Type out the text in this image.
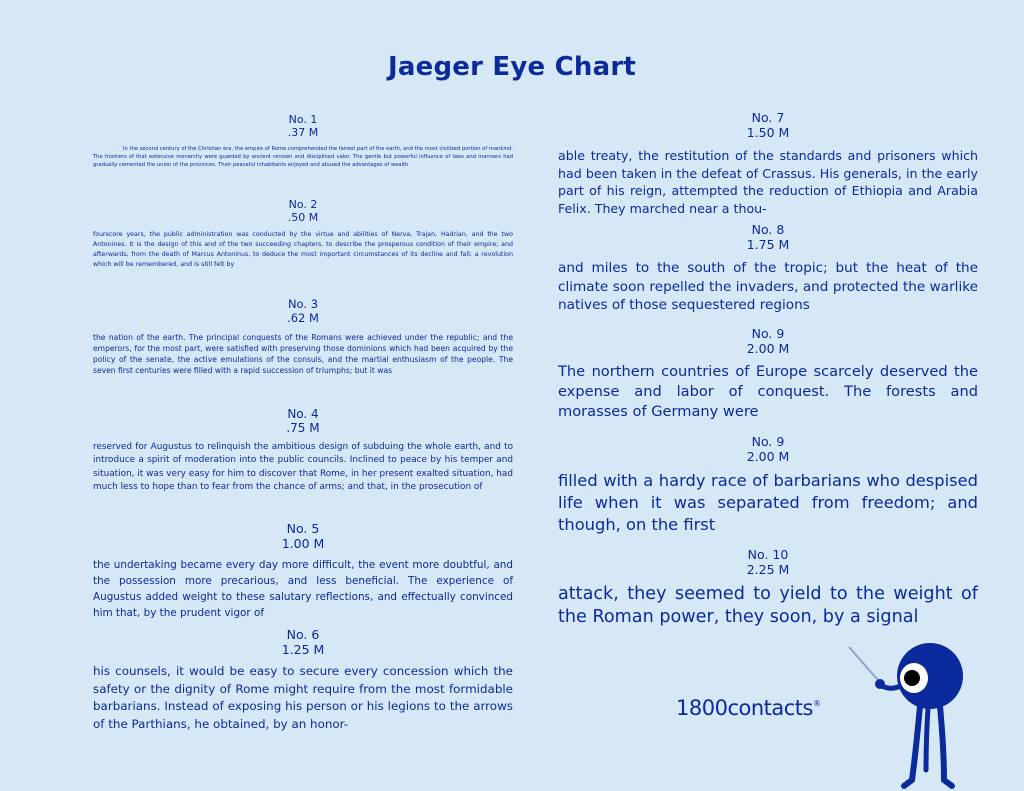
Jaeger Eye Chart
No. 1
.37 M

In the second century of the Christian era, the empire of Rome comprehended the fairest part of the earth, and the most civilized portion of mankind. The frontiers of that extensive monarchy were guarded by ancient renown and disciplined valor. The gentle but powerful influence of laws and manners had gradually cemented the union of the provinces. Their peaceful inhabitants enjoyed and abused the advantages of wealth

No. 2
.50 M

fourscore years, the public administration was conducted by the virtue and abilities of Nerva, Trajan, Hadrian, and the two Antonines. It is the design of this and of the two succeeding chapters, to describe the prosperous condition of their empire; and afterwards, from the death of Marcus Antoninus, to deduce the most important circumstances of its decline and fall; a revolution which will be remembered, and is still felt by

No. 3
.62 M

the nation of the earth. The principal conquests of the Romans were achieved under the republic; and the emperors, for the most part, were satisfied with preserving those dominions which had been acquired by the policy of the senate, the active emulations of the consuls, and the martial enthusiasm of the people. The seven first centuries were filled with a rapid succession of triumphs; but it was

No. 4
.75 M

reserved for Augustus to relinquish the ambitious design of subduing the whole earth, and to introduce a spirit of moderation into the public councils. Inclined to peace by his temper and situation, it was very easy for him to discover that Rome, in her present exalted situation, had much less to hope than to fear from the chance of arms; and that, in the prosecution of

No. 5
1.00 M

the undertaking became every day more difficult, the event more doubtful, and the possession more precarious, and less beneficial. The experience of Augustus added weight to these salutary reflections, and effectually convinced him that, by the prudent vigor of

No. 6
1.25 M

his counsels, it would be easy to secure every concession which the safety or the dignity of Rome might require from the most formidable barbarians. Instead of exposing his person or his legions to the arrows of the Parthians, he obtained, by an honor-

No. 7
1.50 M

able treaty, the restitution of the standards and prisoners which had been taken in the defeat of Crassus. His generals, in the early part of his reign, attempted the reduction of Ethiopia and Arabia Felix. They marched near a thou-

No. 8
1.75 M

and miles to the south of the tropic; but the heat of the climate soon repelled the invaders, and protected the warlike natives of those sequestered regions

No. 9
2.00 M

The northern countries of Europe scarcely deserved the expense and labor of conquest. The forests and morasses of Germany were

No. 9
2.00 M

filled with a hardy race of barbarians who despised life when it was separated from freedom; and though, on the first

No. 10
2.25 M

attack, they seemed to yield to the weight of the Roman power, they soon, by a signal

1800contacts®
